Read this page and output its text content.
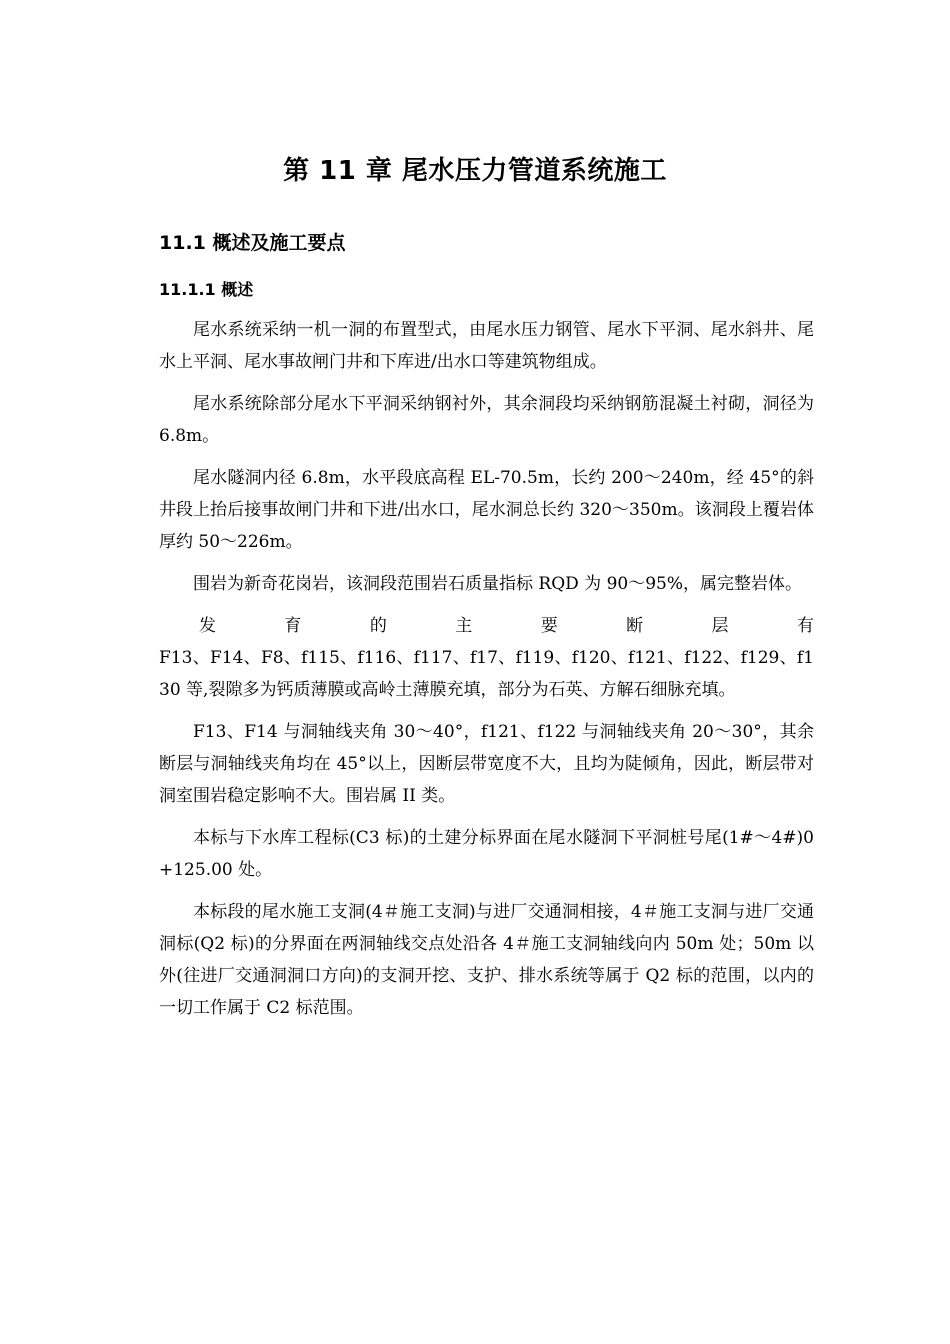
第 11 章 尾水压力管道系统施工
11.1 概述及施工要点
11.1.1 概述

尾水系统采纳一机一洞的布置型式，由尾水压力钢管、尾水下平洞、尾水斜井、尾水上平洞、尾水事故闸门井和下库进/出水口等建筑物组成。

尾水系统除部分尾水下平洞采纳钢衬外，其余洞段均采纳钢筋混凝土衬砌，洞径为 6.8m。

尾水隧洞内径 6.8m，水平段底高程 EL-70.5m，长约 200～240m，经 45°的斜井段上抬后接事故闸门井和下进/出水口，尾水洞总长约 320～350m。该洞段上覆岩体厚约 50～226m。

围岩为新奇花岗岩，该洞段范围岩石质量指标 RQD 为 90～95%，属完整岩体。

发	育	的	主	要	断	层	有
F13、F14、F8、f115、f116、f117、f17、f119、f120、f121、f122、f129、f130 等,裂隙多为钙质薄膜或高岭土薄膜充填，部分为石英、方解石细脉充填。

F13、F14 与洞轴线夹角 30～40°，f121、f122 与洞轴线夹角 20～30°，其余断层与洞轴线夹角均在 45°以上，因断层带宽度不大，且均为陡倾角，因此，断层带对洞室围岩稳定影响不大。围岩属 II 类。

本标与下水库工程标(C3 标)的土建分标界面在尾水隧洞下平洞桩号尾(1#～4#)0+125.00 处。

本标段的尾水施工支洞(4＃施工支洞)与进厂交通洞相接，4＃施工支洞与进厂交通洞标(Q2 标)的分界面在两洞轴线交点处沿各 4＃施工支洞轴线向内 50m 处；50m 以外(往进厂交通洞洞口方向)的支洞开挖、支护、排水系统等属于 Q2 标的范围，以内的一切工作属于 C2 标范围。
